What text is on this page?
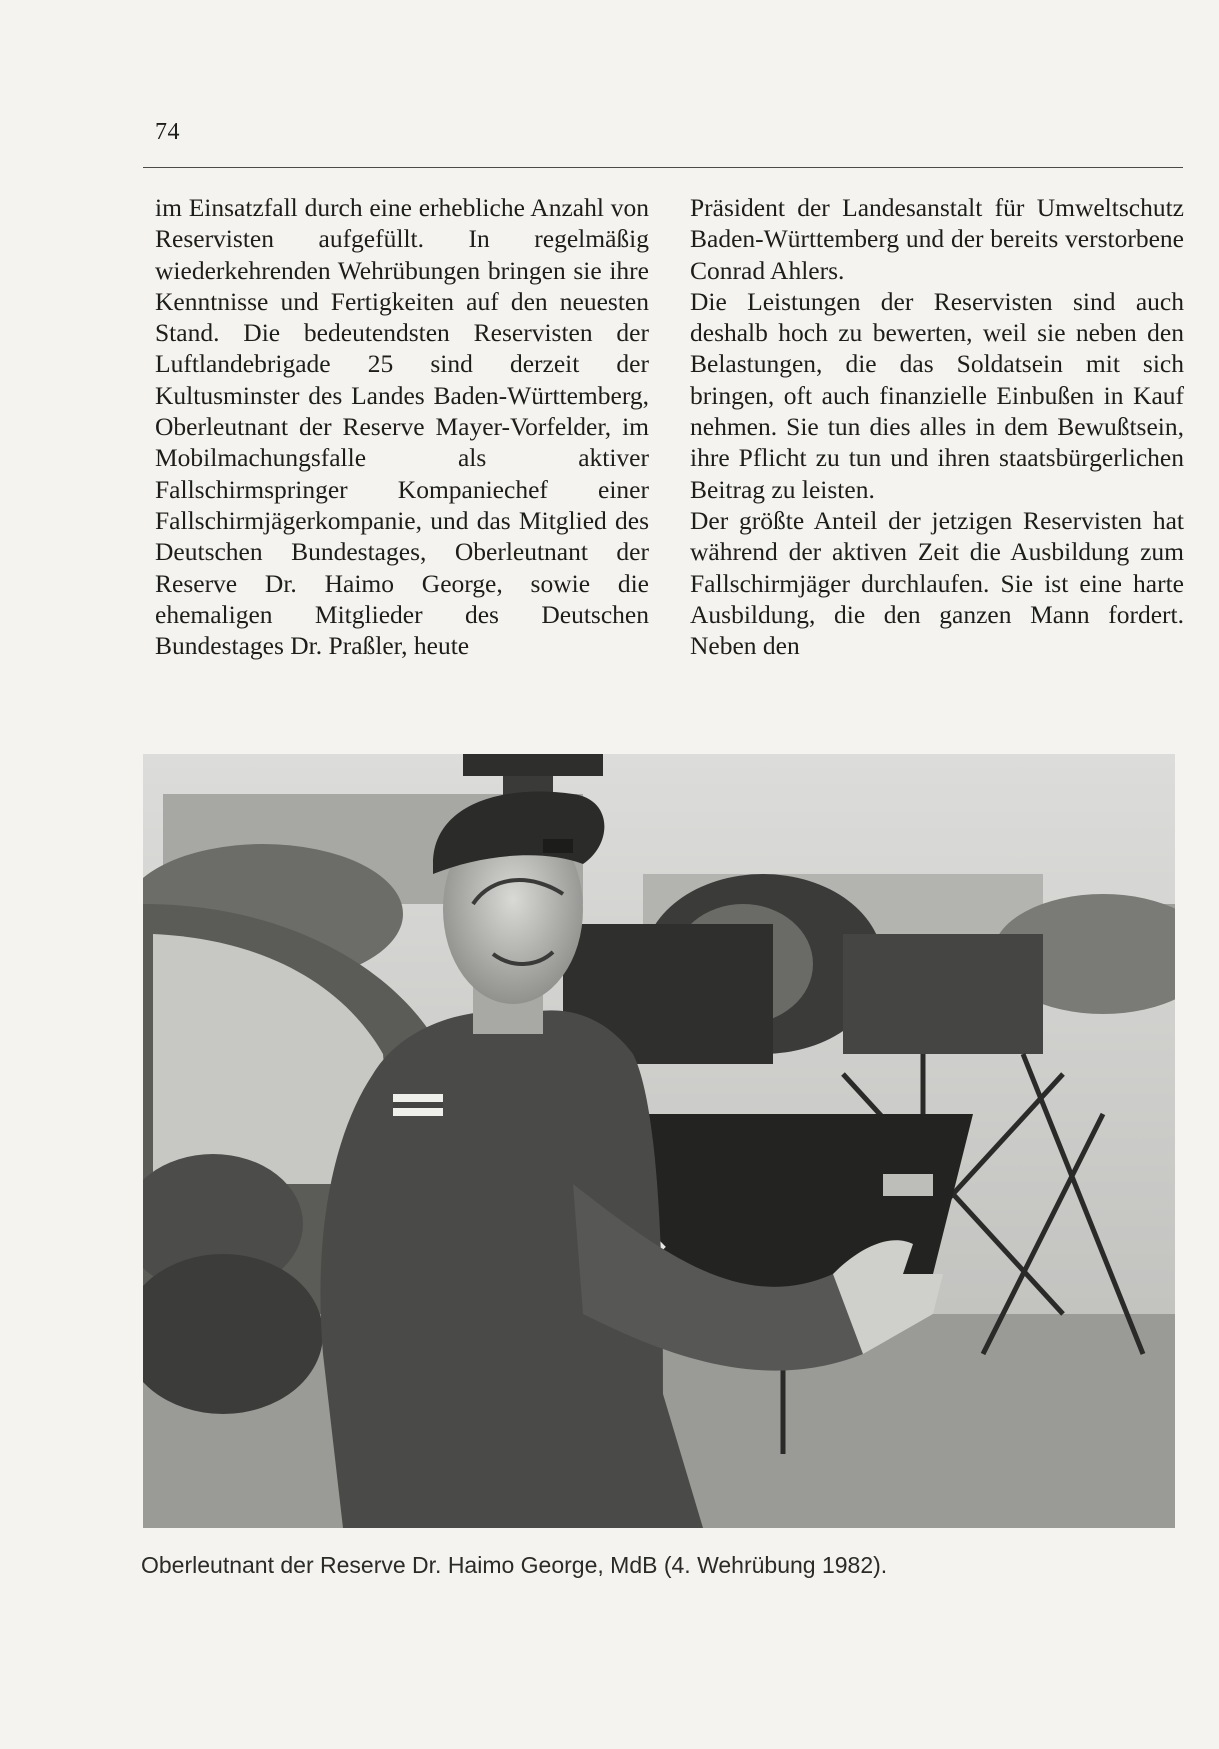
74

im Einsatzfall durch eine erhebliche Anzahl von Reservisten aufgefüllt. In regelmäßig wiederkehrenden Wehrübungen bringen sie ihre Kenntnisse und Fertigkeiten auf den neuesten Stand. Die bedeutendsten Reservisten der Luftlandebrigade 25 sind derzeit der Kultusminster des Landes Baden-Württemberg, Oberleutnant der Reserve Mayer-Vorfelder, im Mobilmachungsfalle als aktiver Fallschirmspringer Kompaniechef einer Fallschirmjägerkompanie, und das Mitglied des Deutschen Bundestages, Oberleutnant der Reserve Dr. Haimo George, sowie die ehemaligen Mitglieder des Deutschen Bundestages Dr. Praßler, heute

Präsident der Landesanstalt für Umweltschutz Baden-Württemberg und der bereits verstorbene Conrad Ahlers.

Die Leistungen der Reservisten sind auch deshalb hoch zu bewerten, weil sie neben den Belastungen, die das Soldatsein mit sich bringen, oft auch finanzielle Einbußen in Kauf nehmen. Sie tun dies alles in dem Bewußtsein, ihre Pflicht zu tun und ihren staatsbürgerlichen Beitrag zu leisten.

Der größte Anteil der jetzigen Reservisten hat während der aktiven Zeit die Ausbildung zum Fallschirmjäger durchlaufen. Sie ist eine harte Ausbildung, die den ganzen Mann fordert. Neben den

Oberleutnant der Reserve Dr. Haimo George, MdB (4. Wehrübung 1982).
